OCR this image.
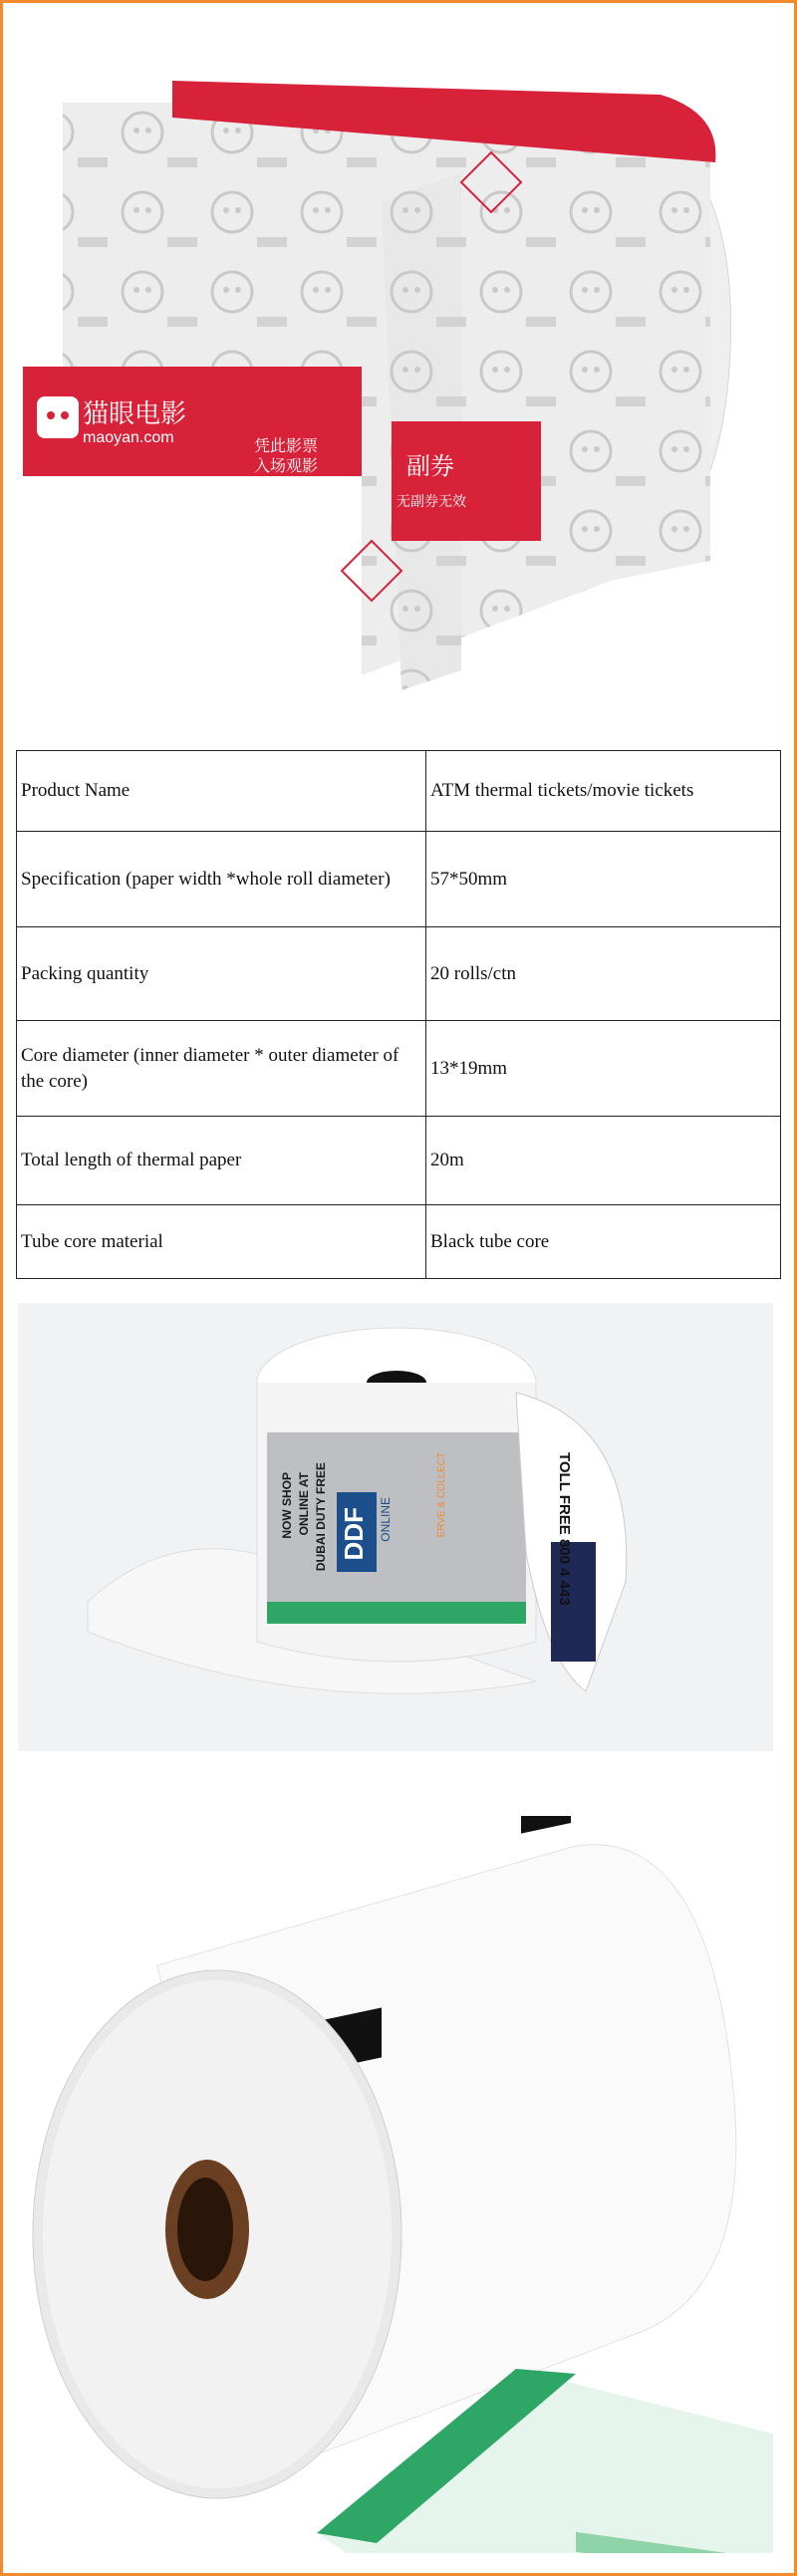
猫眼电影
maoyan.com	凭此影票
入场观影	副券
无副券无效
Product Name	ATM thermal tickets/movie tickets
Specification (paper width *whole roll diameter)	57*50mm
Packing quantity	20 rolls/ctn
Core diameter (inner diameter * outer diameter of the core)	13*19mm
Total length of thermal paper	20m
Tube core material	Black tube core
DDF ONLINE
NOW SHOP ONLINE AT DUBAI DUTY FREE	ERVE & COLLECT	TOLL FREE 800 4 443
